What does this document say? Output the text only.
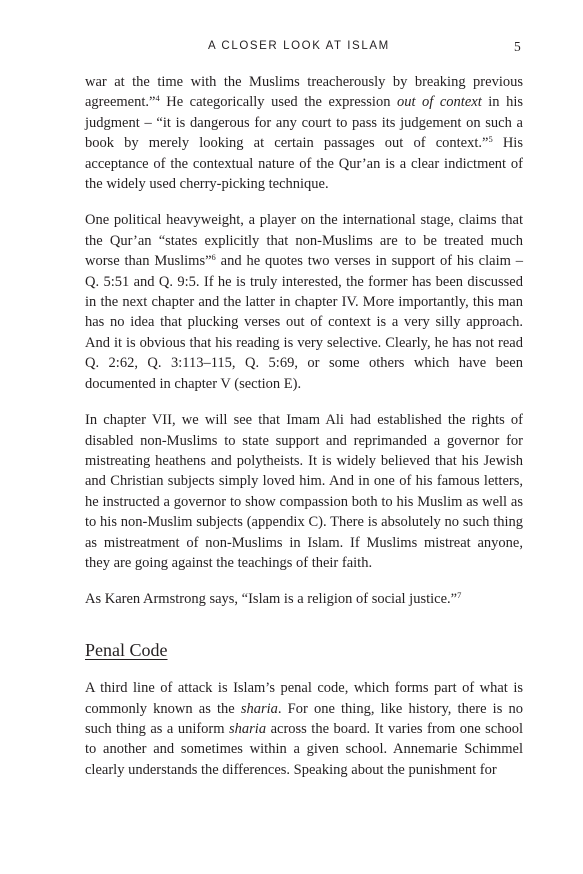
A CLOSER LOOK AT ISLAM	5

war at the time with the Muslims treacherously by breaking previous agreement.”$^4$ He categorically used the expression out of context in his judgment – “it is dangerous for any court to pass its judgement on such a book by merely looking at certain passages out of context.”$^5$ His acceptance of the contextual nature of the Qur’an is a clear indictment of the widely used cherry-picking technique.

One political heavyweight, a player on the international stage, claims that the Qur’an “states explicitly that non-Muslims are to be treated much worse than Muslims”$^6$ and he quotes two verses in support of his claim – Q. 5:51 and Q. 9:5. If he is truly interested, the former has been discussed in the next chapter and the latter in chapter IV. More importantly, this man has no idea that plucking verses out of context is a very silly approach. And it is obvious that his reading is very selective. Clearly, he has not read Q. 2:62, Q. 3:113–115, Q. 5:69, or some others which have been documented in chapter V (section E).

In chapter VII, we will see that Imam Ali had established the rights of disabled non-Muslims to state support and reprimanded a governor for mistreating heathens and polytheists. It is widely believed that his Jewish and Christian subjects simply loved him. And in one of his famous letters, he instructed a governor to show compassion both to his Muslim as well as to his non-Muslim subjects (appendix C). There is absolutely no such thing as mistreatment of non-Muslims in Islam. If Muslims mistreat anyone, they are going against the teachings of their faith.

As Karen Armstrong says, “Islam is a religion of social justice.”$^7$

Penal Code

A third line of attack is Islam’s penal code, which forms part of what is commonly known as the sharia. For one thing, like history, there is no such thing as a uniform sharia across the board. It varies from one school to another and sometimes within a given school. Annemarie Schimmel clearly understands the differences. Speaking about the punishment for
